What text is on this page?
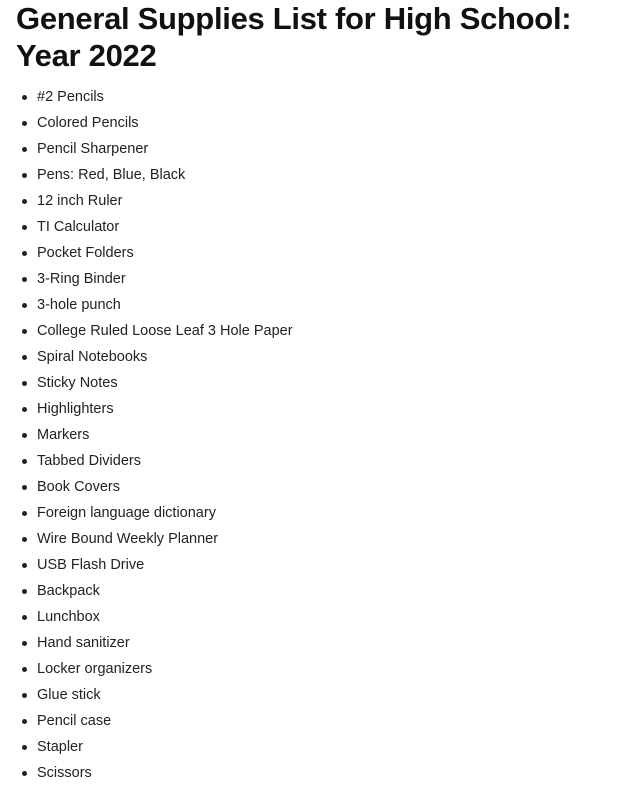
General Supplies List for High School: Year 2022
#2 Pencils
Colored Pencils
Pencil Sharpener
Pens: Red, Blue, Black
12 inch Ruler
TI Calculator
Pocket Folders
3-Ring Binder
3-hole punch
College Ruled Loose Leaf 3 Hole Paper
Spiral Notebooks
Sticky Notes
Highlighters
Markers
Tabbed Dividers
Book Covers
Foreign language dictionary
Wire Bound Weekly Planner
USB Flash Drive
Backpack
Lunchbox
Hand sanitizer
Locker organizers
Glue stick
Pencil case
Stapler
Scissors
